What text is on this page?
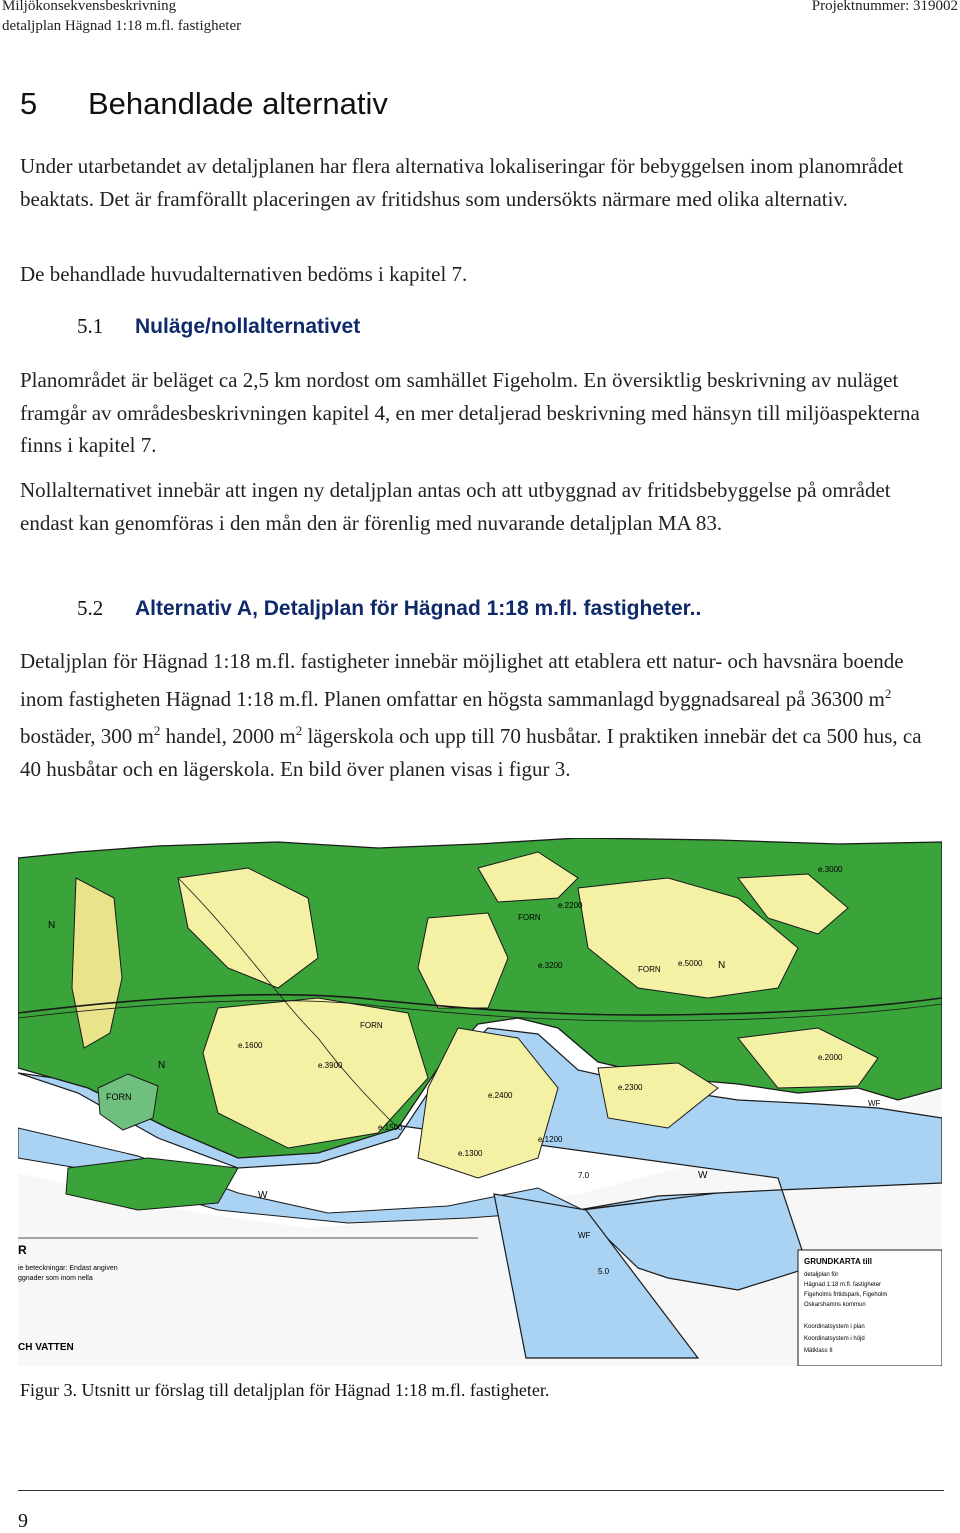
Miljökonsekvensbeskrivning
detaljplan Hägnad 1:18 m.fl. fastigheter
Projektnummer: 319002
5 Behandlade alternativ

Under utarbetandet av detaljplanen har flera alternativa lokaliseringar för bebyggelsen inom planområdet beaktats. Det är framförallt placeringen av fritidshus som undersökts närmare med olika alternativ.

De behandlade huvudalternativen bedöms i kapitel 7.

5.1 Nuläge/nollalternativet

Planområdet är beläget ca 2,5 km nordost om samhället Figeholm. En översiktlig beskrivning av nuläget framgår av områdesbeskrivningen kapitel 4, en mer detaljerad beskrivning med hänsyn till miljöaspekterna finns i kapitel 7.

Nollalternativet innebär att ingen ny detaljplan antas och att utbyggnad av fritidsbebyggelse på området endast kan genomföras i den mån den är förenlig med nuvarande detaljplan MA 83.

5.2 Alternativ A, Detaljplan för Hägnad 1:18 m.fl. fastigheter..

Detaljplan för Hägnad 1:18 m.fl. fastigheter innebär möjlighet att etablera ett natur- och havsnära boende inom fastigheten Hägnad 1:18 m.fl. Planen omfattar en högsta sammanlagd byggnadsareal på 36300 $m^2$ bostäder, 300 $m^2$ handel, 2000 $m^2$ lägerskola och upp till 70 husbåtar. I praktiken innebär det ca 500 hus, ca 40 husbåtar och en lägerskola. En bild över planen visas i figur 3.

N
N
N
W
W
FORN
FORN
FORN
FORN
e.2200
e.3000
e.5000
e.3200
e.1600
e.3900
e.2400
e.2300
e.1500
e.1300
e.1200
e.2000
WF
WF
7.0
5.0
R
ie beteckningar: Endast angiven
ggnader som inom nella
CH VATTEN
GRUNDKARTA till
detaljplan för
Hägnad 1:18 m.fl. fastigheter
Figeholms fritidspark, Figeholm
Oskarshamns kommun
Koordinatsystem i plan
Koordinatsystem i höjd
Mätklass II

Figur 3. Utsnitt ur förslag till detaljplan för Hägnad 1:18 m.fl. fastigheter.

9
